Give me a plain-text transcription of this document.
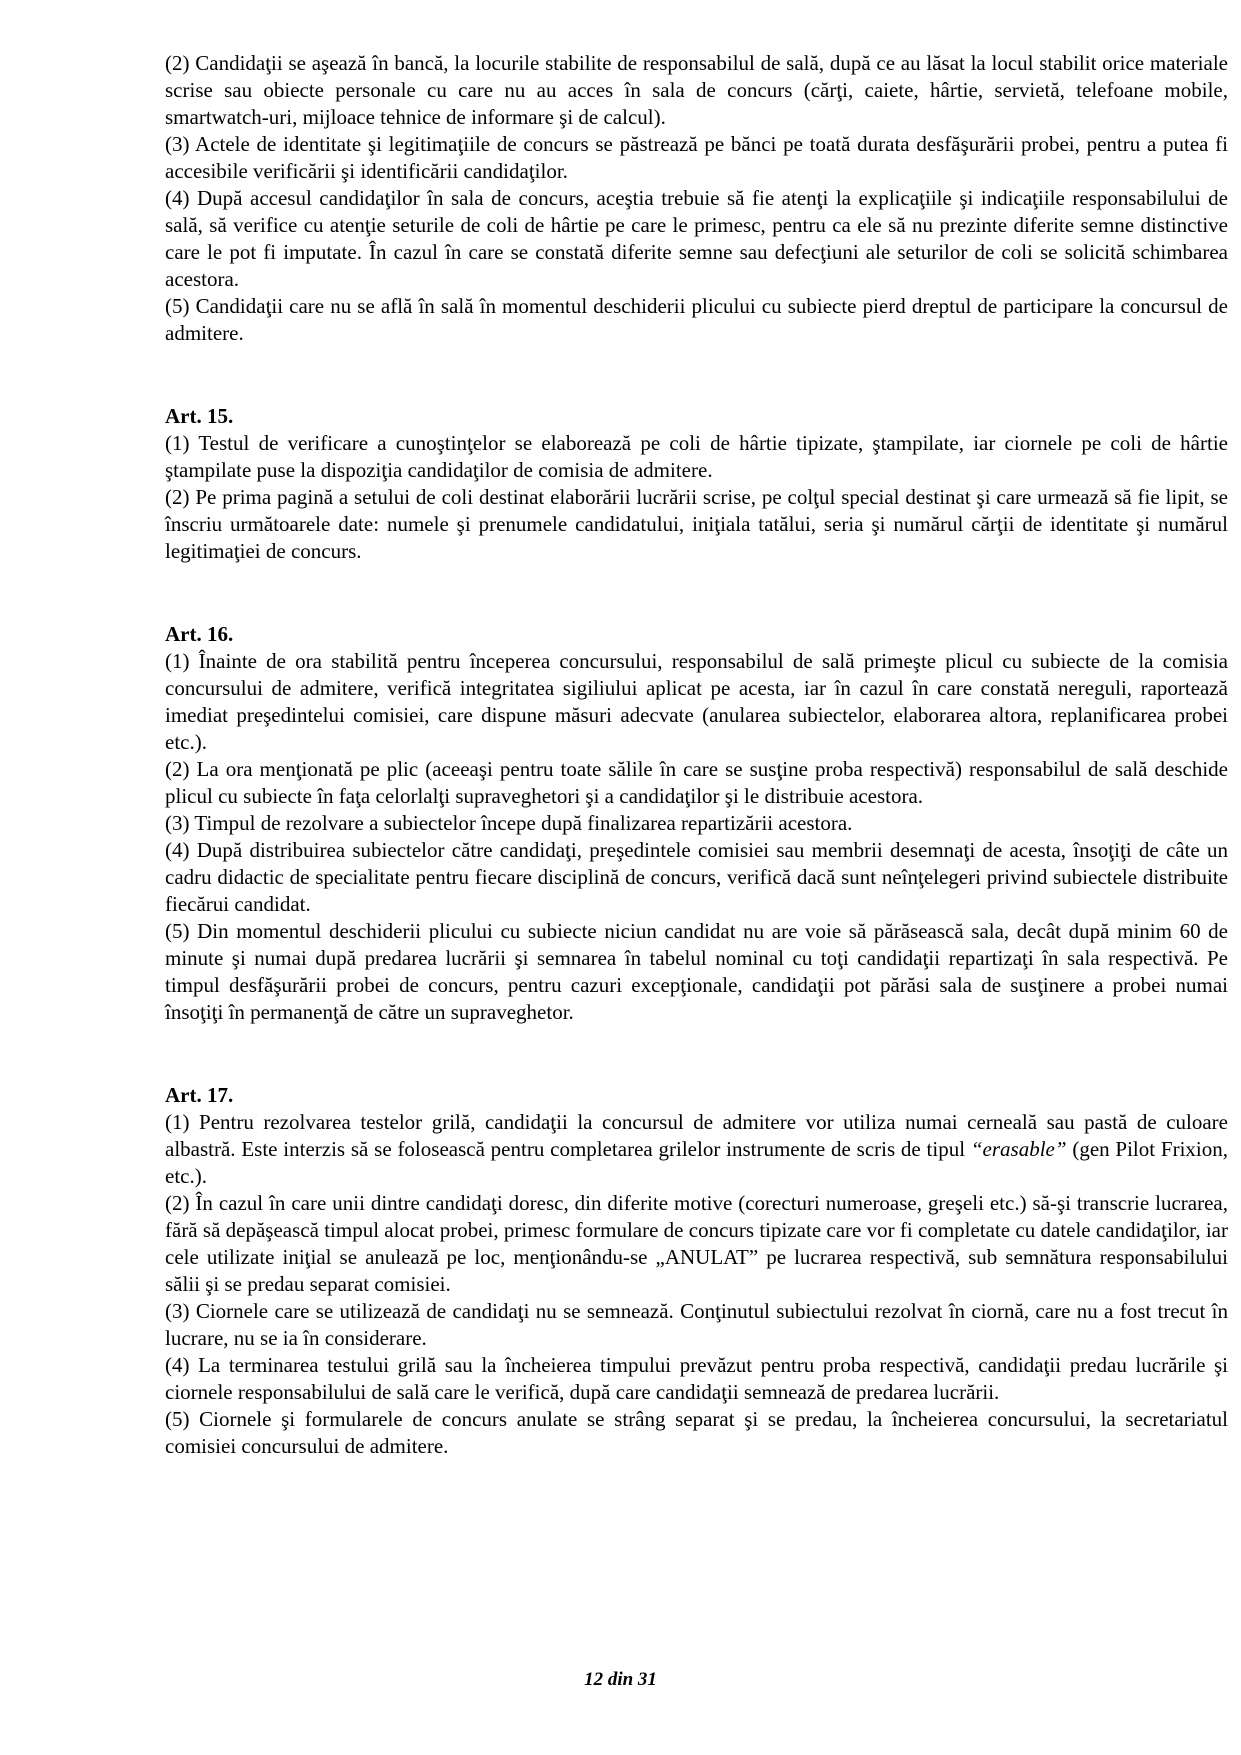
(2) Candidaţii se aşează în bancă, la locurile stabilite de responsabilul de sală, după ce au lăsat la locul stabilit orice materiale scrise sau obiecte personale cu care nu au acces în sala de concurs (cărţi, caiete, hârtie, servietă, telefoane mobile, smartwatch-uri, mijloace tehnice de informare şi de calcul).

(3) Actele de identitate şi legitimaţiile de concurs se păstrează pe bănci pe toată durata desfăşurării probei, pentru a putea fi accesibile verificării şi identificării candidaţilor.

(4) După accesul candidaţilor în sala de concurs, aceştia trebuie să fie atenţi la explicaţiile şi indicaţiile responsabilului de sală, să verifice cu atenţie seturile de coli de hârtie pe care le primesc, pentru ca ele să nu prezinte diferite semne distinctive care le pot fi imputate. În cazul în care se constată diferite semne sau defecţiuni ale seturilor de coli se solicită schimbarea acestora.

(5) Candidaţii care nu se află în sală în momentul deschiderii plicului cu subiecte pierd dreptul de participare la concursul de admitere.

Art. 15.

(1) Testul de verificare a cunoştinţelor se elaborează pe coli de hârtie tipizate, ştampilate, iar ciornele pe coli de hârtie ştampilate puse la dispoziţia candidaţilor de comisia de admitere.

(2) Pe prima pagină a setului de coli destinat elaborării lucrării scrise, pe colţul special destinat şi care urmează să fie lipit, se înscriu următoarele date: numele şi prenumele candidatului, iniţiala tatălui, seria şi numărul cărţii de identitate şi numărul legitimaţiei de concurs.

Art. 16.

(1) Înainte de ora stabilită pentru începerea concursului, responsabilul de sală primeşte plicul cu subiecte de la comisia concursului de admitere, verifică integritatea sigiliului aplicat pe acesta, iar în cazul în care constată nereguli, raportează imediat preşedintelui comisiei, care dispune măsuri adecvate (anularea subiectelor, elaborarea altora, replanificarea probei etc.).

(2) La ora menţionată pe plic (aceeaşi pentru toate sălile în care se susţine proba respectivă) responsabilul de sală deschide plicul cu subiecte în faţa celorlalţi supraveghetori şi a candidaţilor şi le distribuie acestora.

(3) Timpul de rezolvare a subiectelor începe după finalizarea repartizării acestora.

(4) După distribuirea subiectelor către candidaţi, preşedintele comisiei sau membrii desemnaţi de acesta, însoţiţi de câte un cadru didactic de specialitate pentru fiecare disciplină de concurs, verifică dacă sunt neînţelegeri privind subiectele distribuite fiecărui candidat.

(5) Din momentul deschiderii plicului cu subiecte niciun candidat nu are voie să părăsească sala, decât după minim 60 de minute şi numai după predarea lucrării şi semnarea în tabelul nominal cu toţi candidaţii repartizaţi în sala respectivă. Pe timpul desfăşurării probei de concurs, pentru cazuri excepţionale, candidaţii pot părăsi sala de susţinere a probei numai însoţiţi în permanenţă de către un supraveghetor.

Art. 17.

(1) Pentru rezolvarea testelor grilă, candidaţii la concursul de admitere vor utiliza numai cerneală sau pastă de culoare albastră. Este interzis să se folosească pentru completarea grilelor instrumente de scris de tipul “erasable” (gen Pilot Frixion, etc.).

(2) În cazul în care unii dintre candidaţi doresc, din diferite motive (corecturi numeroase, greşeli etc.) să-şi transcrie lucrarea, fără să depăşească timpul alocat probei, primesc formulare de concurs tipizate care vor fi completate cu datele candidaţilor, iar cele utilizate iniţial se anulează pe loc, menţionându-se „ANULAT” pe lucrarea respectivă, sub semnătura responsabilului sălii şi se predau separat comisiei.

(3) Ciornele care se utilizează de candidaţi nu se semnează. Conţinutul subiectului rezolvat în ciornă, care nu a fost trecut în lucrare, nu se ia în considerare.

(4) La terminarea testului grilă sau la încheierea timpului prevăzut pentru proba respectivă, candidaţii predau lucrările şi ciornele responsabilului de sală care le verifică, după care candidaţii semnează de predarea lucrării.

(5) Ciornele şi formularele de concurs anulate se strâng separat şi se predau, la încheierea concursului, la secretariatul comisiei concursului de admitere.

12 din 31
